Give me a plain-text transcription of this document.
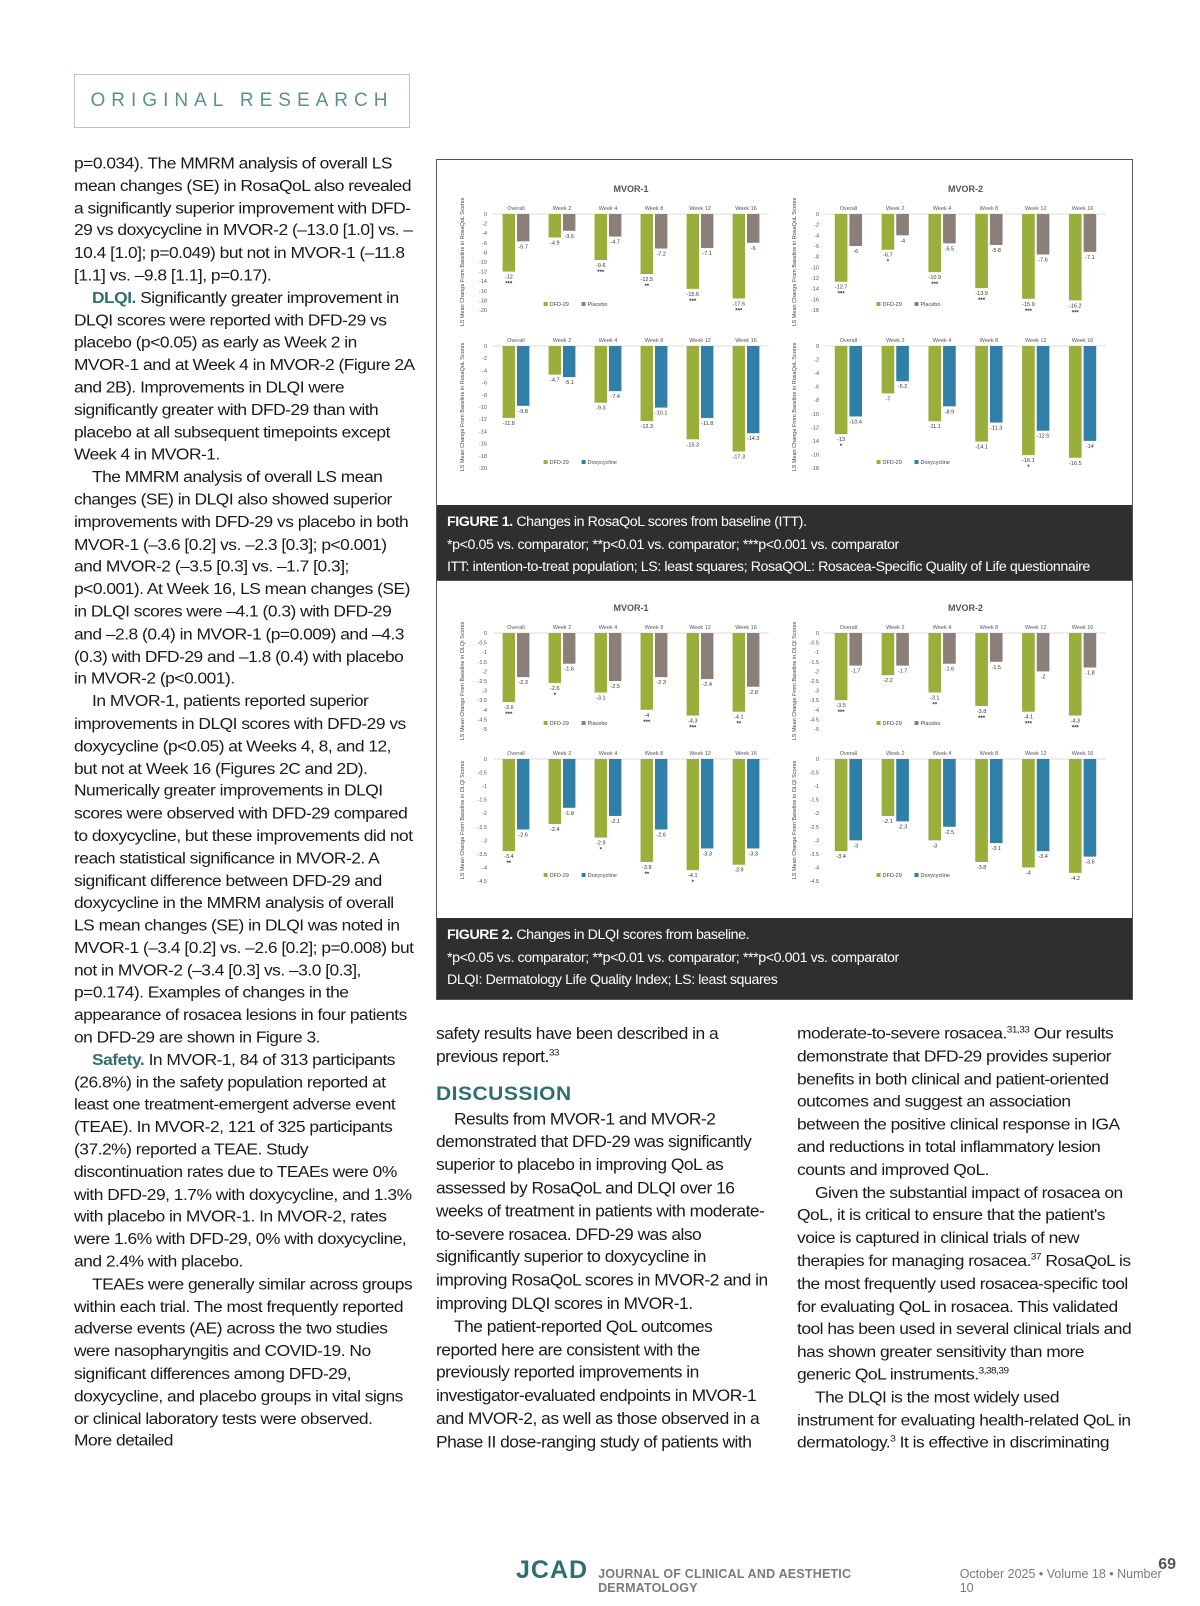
ORIGINAL RESEARCH

p=0.034). The MMRM analysis of overall LS mean changes (SE) in RosaQoL also revealed a significantly superior improvement with DFD-29 vs doxycycline in MVOR-2 (–13.0 [1.0] vs. –10.4 [1.0]; p=0.049) but not in MVOR-1 (–11.8 [1.1] vs. –9.8 [1.1], p=0.17).

DLQI. Significantly greater improvement in DLQI scores were reported with DFD-29 vs placebo (p<0.05) as early as Week 2 in MVOR-1 and at Week 4 in MVOR-2 (Figure 2A and 2B). Improvements in DLQI were significantly greater with DFD-29 than with placebo at all subsequent timepoints except Week 4 in MVOR-1.

The MMRM analysis of overall LS mean changes (SE) in DLQI also showed superior improvements with DFD-29 vs placebo in both MVOR-1 (–3.6 [0.2] vs. –2.3 [0.3]; p<0.001) and MVOR-2 (–3.5 [0.3] vs. –1.7 [0.3]; p<0.001). At Week 16, LS mean changes (SE) in DLQI scores were –4.1 (0.3) with DFD-29 and –2.8 (0.4) in MVOR-1 (p=0.009) and –4.3 (0.3) with DFD-29 and –1.8 (0.4) with placebo in MVOR-2 (p<0.001).

In MVOR-1, patients reported superior improvements in DLQI scores with DFD-29 vs doxycycline (p<0.05) at Weeks 4, 8, and 12, but not at Week 16 (Figures 2C and 2D). Numerically greater improvements in DLQI scores were observed with DFD-29 compared to doxycycline, but these improvements did not reach statistical significance in MVOR-2. A significant difference between DFD-29 and doxycycline in the MMRM analysis of overall LS mean changes (SE) in DLQI was noted in MVOR-1 (–3.4 [0.2] vs. –2.6 [0.2]; p=0.008) but not in MVOR-2 (–3.4 [0.3] vs. –3.0 [0.3], p=0.174). Examples of changes in the appearance of rosacea lesions in four patients on DFD-29 are shown in Figure 3.

Safety. In MVOR-1, 84 of 313 participants (26.8%) in the safety population reported at least one treatment-emergent adverse event (TEAE). In MVOR-2, 121 of 325 participants (37.2%) reported a TEAE. Study discontinuation rates due to TEAEs were 0% with DFD-29, 1.7% with doxycycline, and 1.3% with placebo in MVOR-1. In MVOR-2, rates were 1.6% with DFD-29, 0% with doxycycline, and 2.4% with placebo.

TEAEs were generally similar across groups within each trial. The most frequently reported adverse events (AE) across the two studies were nasopharyngitis and COVID-19. No significant differences among DFD-29, doxycycline, and placebo groups in vital signs or clinical laboratory tests were observed. More detailed

MVOR-1
LS Mean Change From Baseline in RosaQoL Scores	0
-2
-4
-6
-8
-10
-12
-14
-16
-18
-20
Overall
-12
***
-5.7
Week 2
-4.9
-3.5
Week 4
-9.6
***
-4.7
Week 8
-12.5
**
-7.2
Week 12
-15.6
***
-7.1
Week 16
-17.6
***
-6
DFD-29	Placebo
MVOR-2
LS Mean Change From Baseline in RosaQoL Scores	0
-2
-4
-6
-8
-10
-12
-14
-16
-18
Overall
-12.7
***
-6
Week 2
-6.7
*
-4
Week 4
-10.9
***
-5.5
Week 8
-13.9
***
-5.8
Week 12
-15.9
***
-7.6
Week 16
-16.2
***
-7.1
DFD-29	Placebo
LS Mean Change From Baseline in RosaQoL Scores	0
-2
-4
-6
-8
-10
-12
-14
-16
-18
-20
Overall
-11.8
-9.8
Week 2
-4.7 -5.1
Week 4
-9.3
-7.4
Week 8
-12.3
-10.1
Week 12
-15.3
-11.8
Week 16
-17.3
-14.3
DFD-29	Doxycycline	LS Mean Change From Baseline in RosaQoL Scores	0
-2
-4
-6
-8
-10
-12
-14
-16
-18
Overall
-13
*
-10.4
Week 2
-7
-5.2
Week 4
-11.1
-8.9
Week 8
-14.1
-11.3
Week 12
-16.1
*
-12.5
Week 16
-16.5
-14
DFD-29	Doxycycline
FIGURE 1. Changes in RosaQoL scores from baseline (ITT).
*p<0.05 vs. comparator; **p<0.01 vs. comparator; ***p<0.001 vs. comparator
ITT: intention-to-treat population; LS: least squares; RosaQOL: Rosacea-Specific Quality of Life questionnaire
MVOR-1
LS Mean Change From Baseline in DLQI Scores	0
-0.5
-1
-1.5
-2
-2.5
-3
-3.5
-4
-4.5
-5
Overall
-3.6
***
-2.3
Week 2
-2.6
*
-1.6
Week 4
-3.1
-2.5
Week 8
-4
***
-2.3
Week 12
-4.3
***
-2.4
Week 16
-4.1
**
-2.8
DFD-29	Placebo
MVOR-2
LS Mean Change From Baseline in DLQI Scores	0
-0.5
-1
-1.5
-2
-2.5
-3
-3.5
-4
-4.5
-5
Overall
-3.5
***
-1.7
Week 2
-2.2
-1.7
Week 4
-3.1
**
-1.6
Week 8
-3.8
***
-1.5
Week 12
-4.1
***
-2
Week 16
-4.3
***
-1.8
DFD-29	Placebo
LS Mean Change From Baseline in DLQI Scores
0
-0.5
-1
-1.5
-2
-2.5
-3
-3.5
-4
-4.5
Overall
-3.4
**
-2.6
Week 2
-2.4
-1.8
Week 4
-2.9
*
-2.1
Week 8
-3.8
**
-2.6
Week 12
-4.1
*
-3.3
Week 16
-3.9
-3.3
DFD-29	Doxycycline	LS Mean Change From Baseline in DLQI Scores
0
-0.5
-1
-1.5
-2
-2.5
-3
-3.5
-4
-4.5
Overall
-3.4
-3
Week 2
-2.1
-2.3
Week 4
-3
-2.5
Week 8
-3.8
-3.1
Week 12
-4
-3.4
Week 16
-4.2
-3.6
DFD-29	Doxycycline
FIGURE 2. Changes in DLQI scores from baseline.
*p<0.05 vs. comparator; **p<0.01 vs. comparator; ***p<0.001 vs. comparator
DLQI: Dermatology Life Quality Index; LS: least squares

safety results have been described in a previous report.$^{33}$

DISCUSSION

Results from MVOR-1 and MVOR-2 demonstrated that DFD-29 was significantly superior to placebo in improving QoL as assessed by RosaQoL and DLQI over 16 weeks of treatment in patients with moderate-to-severe rosacea. DFD-29 was also significantly superior to doxycycline in improving RosaQoL scores in MVOR-2 and in improving DLQI scores in MVOR-1.

The patient-reported QoL outcomes reported here are consistent with the previously reported improvements in investigator-evaluated endpoints in MVOR-1 and MVOR-2, as well as those observed in a Phase II dose-ranging study of patients with

moderate-to-severe rosacea.$^{31,33}$ Our results demonstrate that DFD-29 provides superior benefits in both clinical and patient-oriented outcomes and suggest an association between the positive clinical response in IGA and reductions in total inflammatory lesion counts and improved QoL.

Given the substantial impact of rosacea on QoL, it is critical to ensure that the patient's voice is captured in clinical trials of new therapies for managing rosacea.$^{37}$ RosaQoL is the most frequently used rosacea-specific tool for evaluating QoL in rosacea. This validated tool has been used in several clinical trials and has shown greater sensitivity than more generic QoL instruments.$^{3,38,39}$

The DLQI is the most widely used instrument for evaluating health-related QoL in dermatology.$^3$ It is effective in discriminating

JCAD JOURNAL OF CLINICAL AND AESTHETIC DERMATOLOGY
October 2025 • Volume 18 • Number 10
69
